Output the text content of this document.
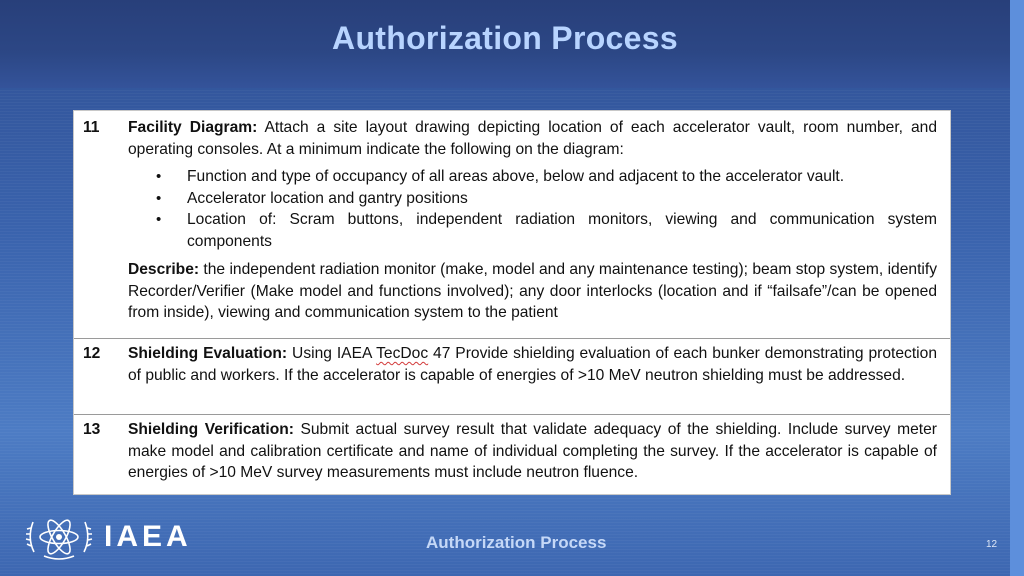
Authorization Process
11 Facility Diagram: Attach a site layout drawing depicting location of each accelerator vault, room number, and operating consoles. At a minimum indicate the following on the diagram:
• Function and type of occupancy of all areas above, below and adjacent to the accelerator vault.
• Accelerator location and gantry positions
• Location of: Scram buttons, independent radiation monitors, viewing and communication system components
Describe: the independent radiation monitor (make, model and any maintenance testing); beam stop system, identify Recorder/Verifier (Make model and functions involved); any door interlocks (location and if “failsafe”/can be opened from inside), viewing and communication system to the patient
12 Shielding Evaluation: Using IAEA TecDoc 47 Provide shielding evaluation of each bunker demonstrating protection of public and workers. If the accelerator is capable of energies of >10 MeV neutron shielding must be addressed.
13 Shielding Verification: Submit actual survey result that validate adequacy of the shielding. Include survey meter make model and calibration certificate and name of individual completing the survey. If the accelerator is capable of energies of >10 MeV survey measurements must include neutron fluence.
IAEA	Authorization Process	12
